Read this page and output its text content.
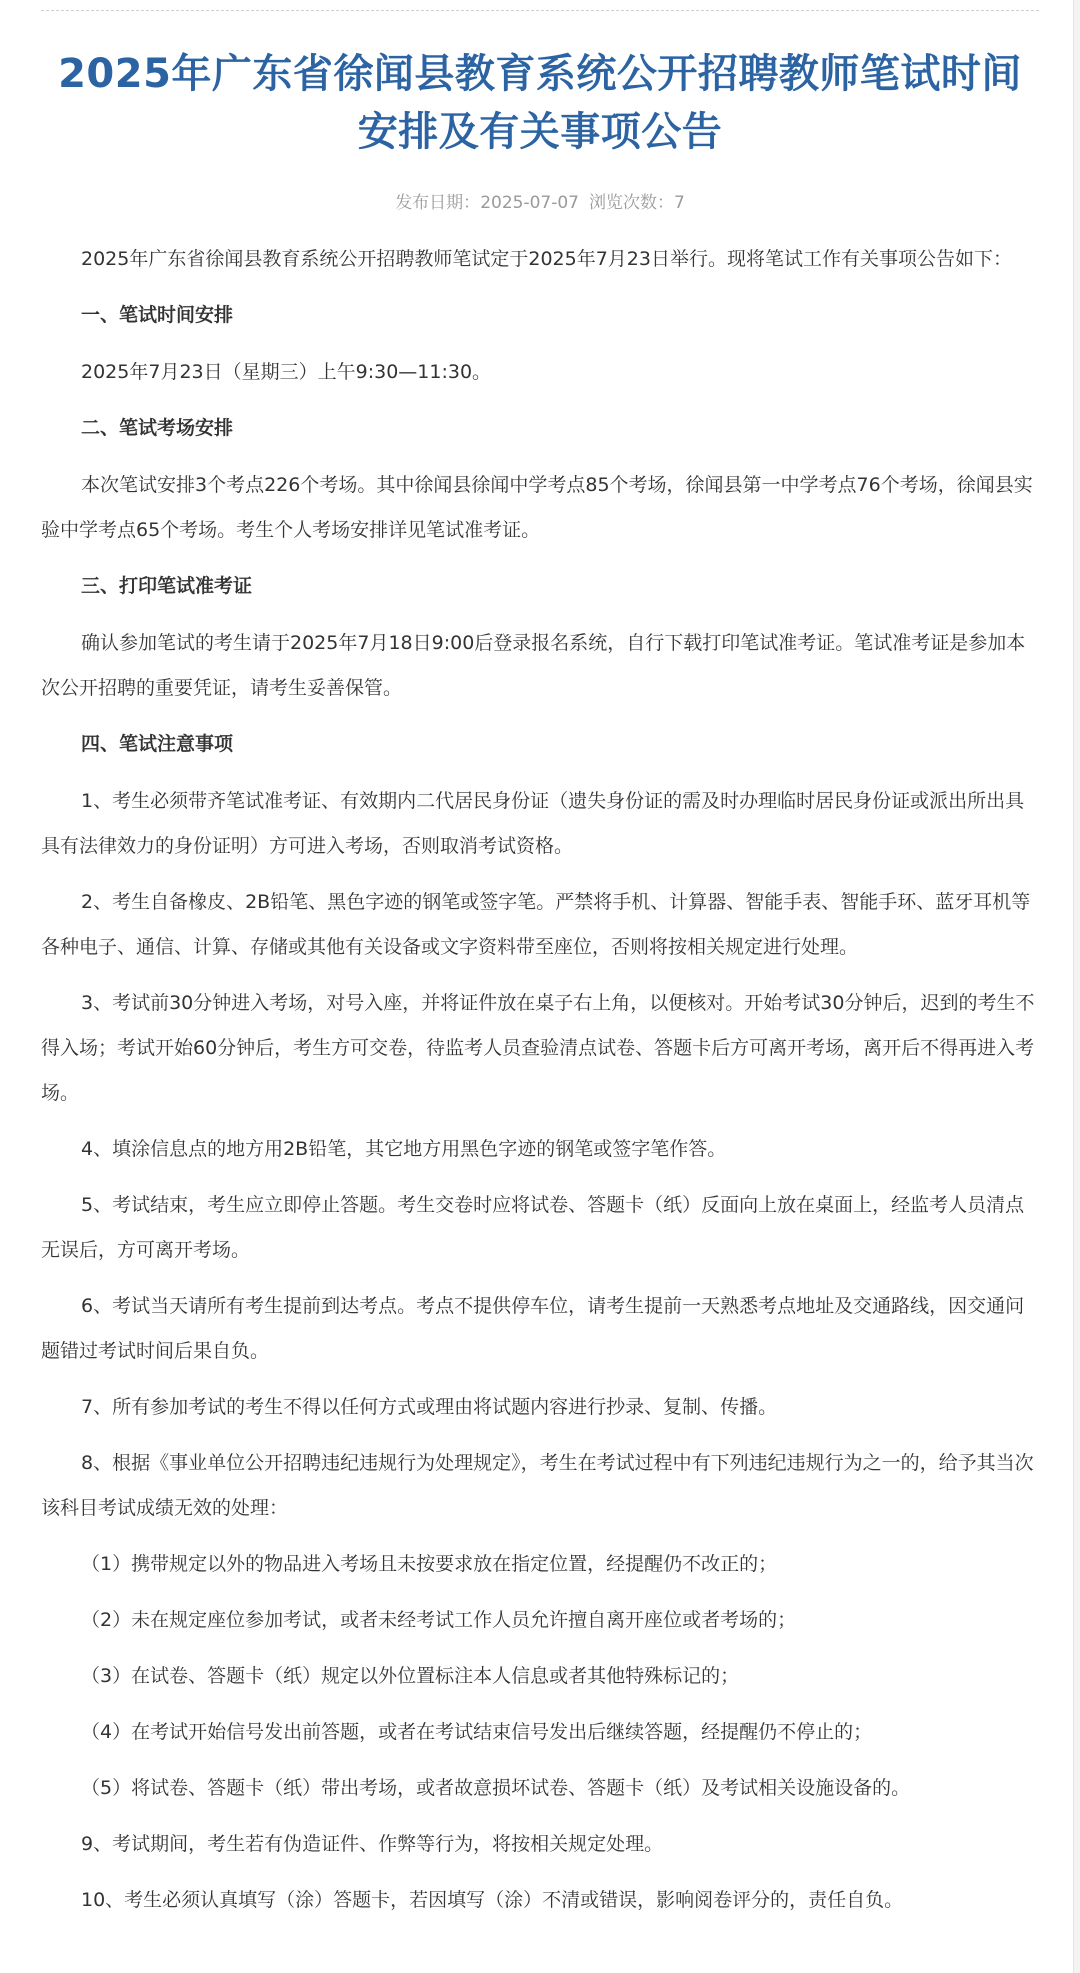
2025年广东省徐闻县教育系统公开招聘教师笔试时间安排及有关事项公告
发布日期：2025-07-07 浏览次数：7

2025年广东省徐闻县教育系统公开招聘教师笔试定于2025年7月23日举行。现将笔试工作有关事项公告如下：

一、笔试时间安排

2025年7月23日（星期三）上午9:30—11:30。

二、笔试考场安排

本次笔试安排3个考点226个考场。其中徐闻县徐闻中学考点85个考场，徐闻县第一中学考点76个考场，徐闻县实验中学考点65个考场。考生个人考场安排详见笔试准考证。

三、打印笔试准考证

确认参加笔试的考生请于2025年7月18日9:00后登录报名系统，自行下载打印笔试准考证。笔试准考证是参加本次公开招聘的重要凭证，请考生妥善保管。

四、笔试注意事项

1、考生必须带齐笔试准考证、有效期内二代居民身份证（遗失身份证的需及时办理临时居民身份证或派出所出具具有法律效力的身份证明）方可进入考场，否则取消考试资格。

2、考生自备橡皮、2B铅笔、黑色字迹的钢笔或签字笔。严禁将手机、计算器、智能手表、智能手环、蓝牙耳机等各种电子、通信、计算、存储或其他有关设备或文字资料带至座位，否则将按相关规定进行处理。

3、考试前30分钟进入考场，对号入座，并将证件放在桌子右上角，以便核对。开始考试30分钟后，迟到的考生不得入场；考试开始60分钟后，考生方可交卷，待监考人员查验清点试卷、答题卡后方可离开考场，离开后不得再进入考场。

4、填涂信息点的地方用2B铅笔，其它地方用黑色字迹的钢笔或签字笔作答。

5、考试结束，考生应立即停止答题。考生交卷时应将试卷、答题卡（纸）反面向上放在桌面上，经监考人员清点无误后，方可离开考场。

6、考试当天请所有考生提前到达考点。考点不提供停车位，请考生提前一天熟悉考点地址及交通路线，因交通问题错过考试时间后果自负。

7、所有参加考试的考生不得以任何方式或理由将试题内容进行抄录、复制、传播。

8、根据《事业单位公开招聘违纪违规行为处理规定》，考生在考试过程中有下列违纪违规行为之一的，给予其当次该科目考试成绩无效的处理：

（1）携带规定以外的物品进入考场且未按要求放在指定位置，经提醒仍不改正的；

（2）未在规定座位参加考试，或者未经考试工作人员允许擅自离开座位或者考场的；

（3）在试卷、答题卡（纸）规定以外位置标注本人信息或者其他特殊标记的；

（4）在考试开始信号发出前答题，或者在考试结束信号发出后继续答题，经提醒仍不停止的；

（5）将试卷、答题卡（纸）带出考场，或者故意损坏试卷、答题卡（纸）及考试相关设施设备的。

9、考试期间，考生若有伪造证件、作弊等行为，将按相关规定处理。

10、考生必须认真填写（涂）答题卡，若因填写（涂）不清或错误，影响阅卷评分的，责任自负。
